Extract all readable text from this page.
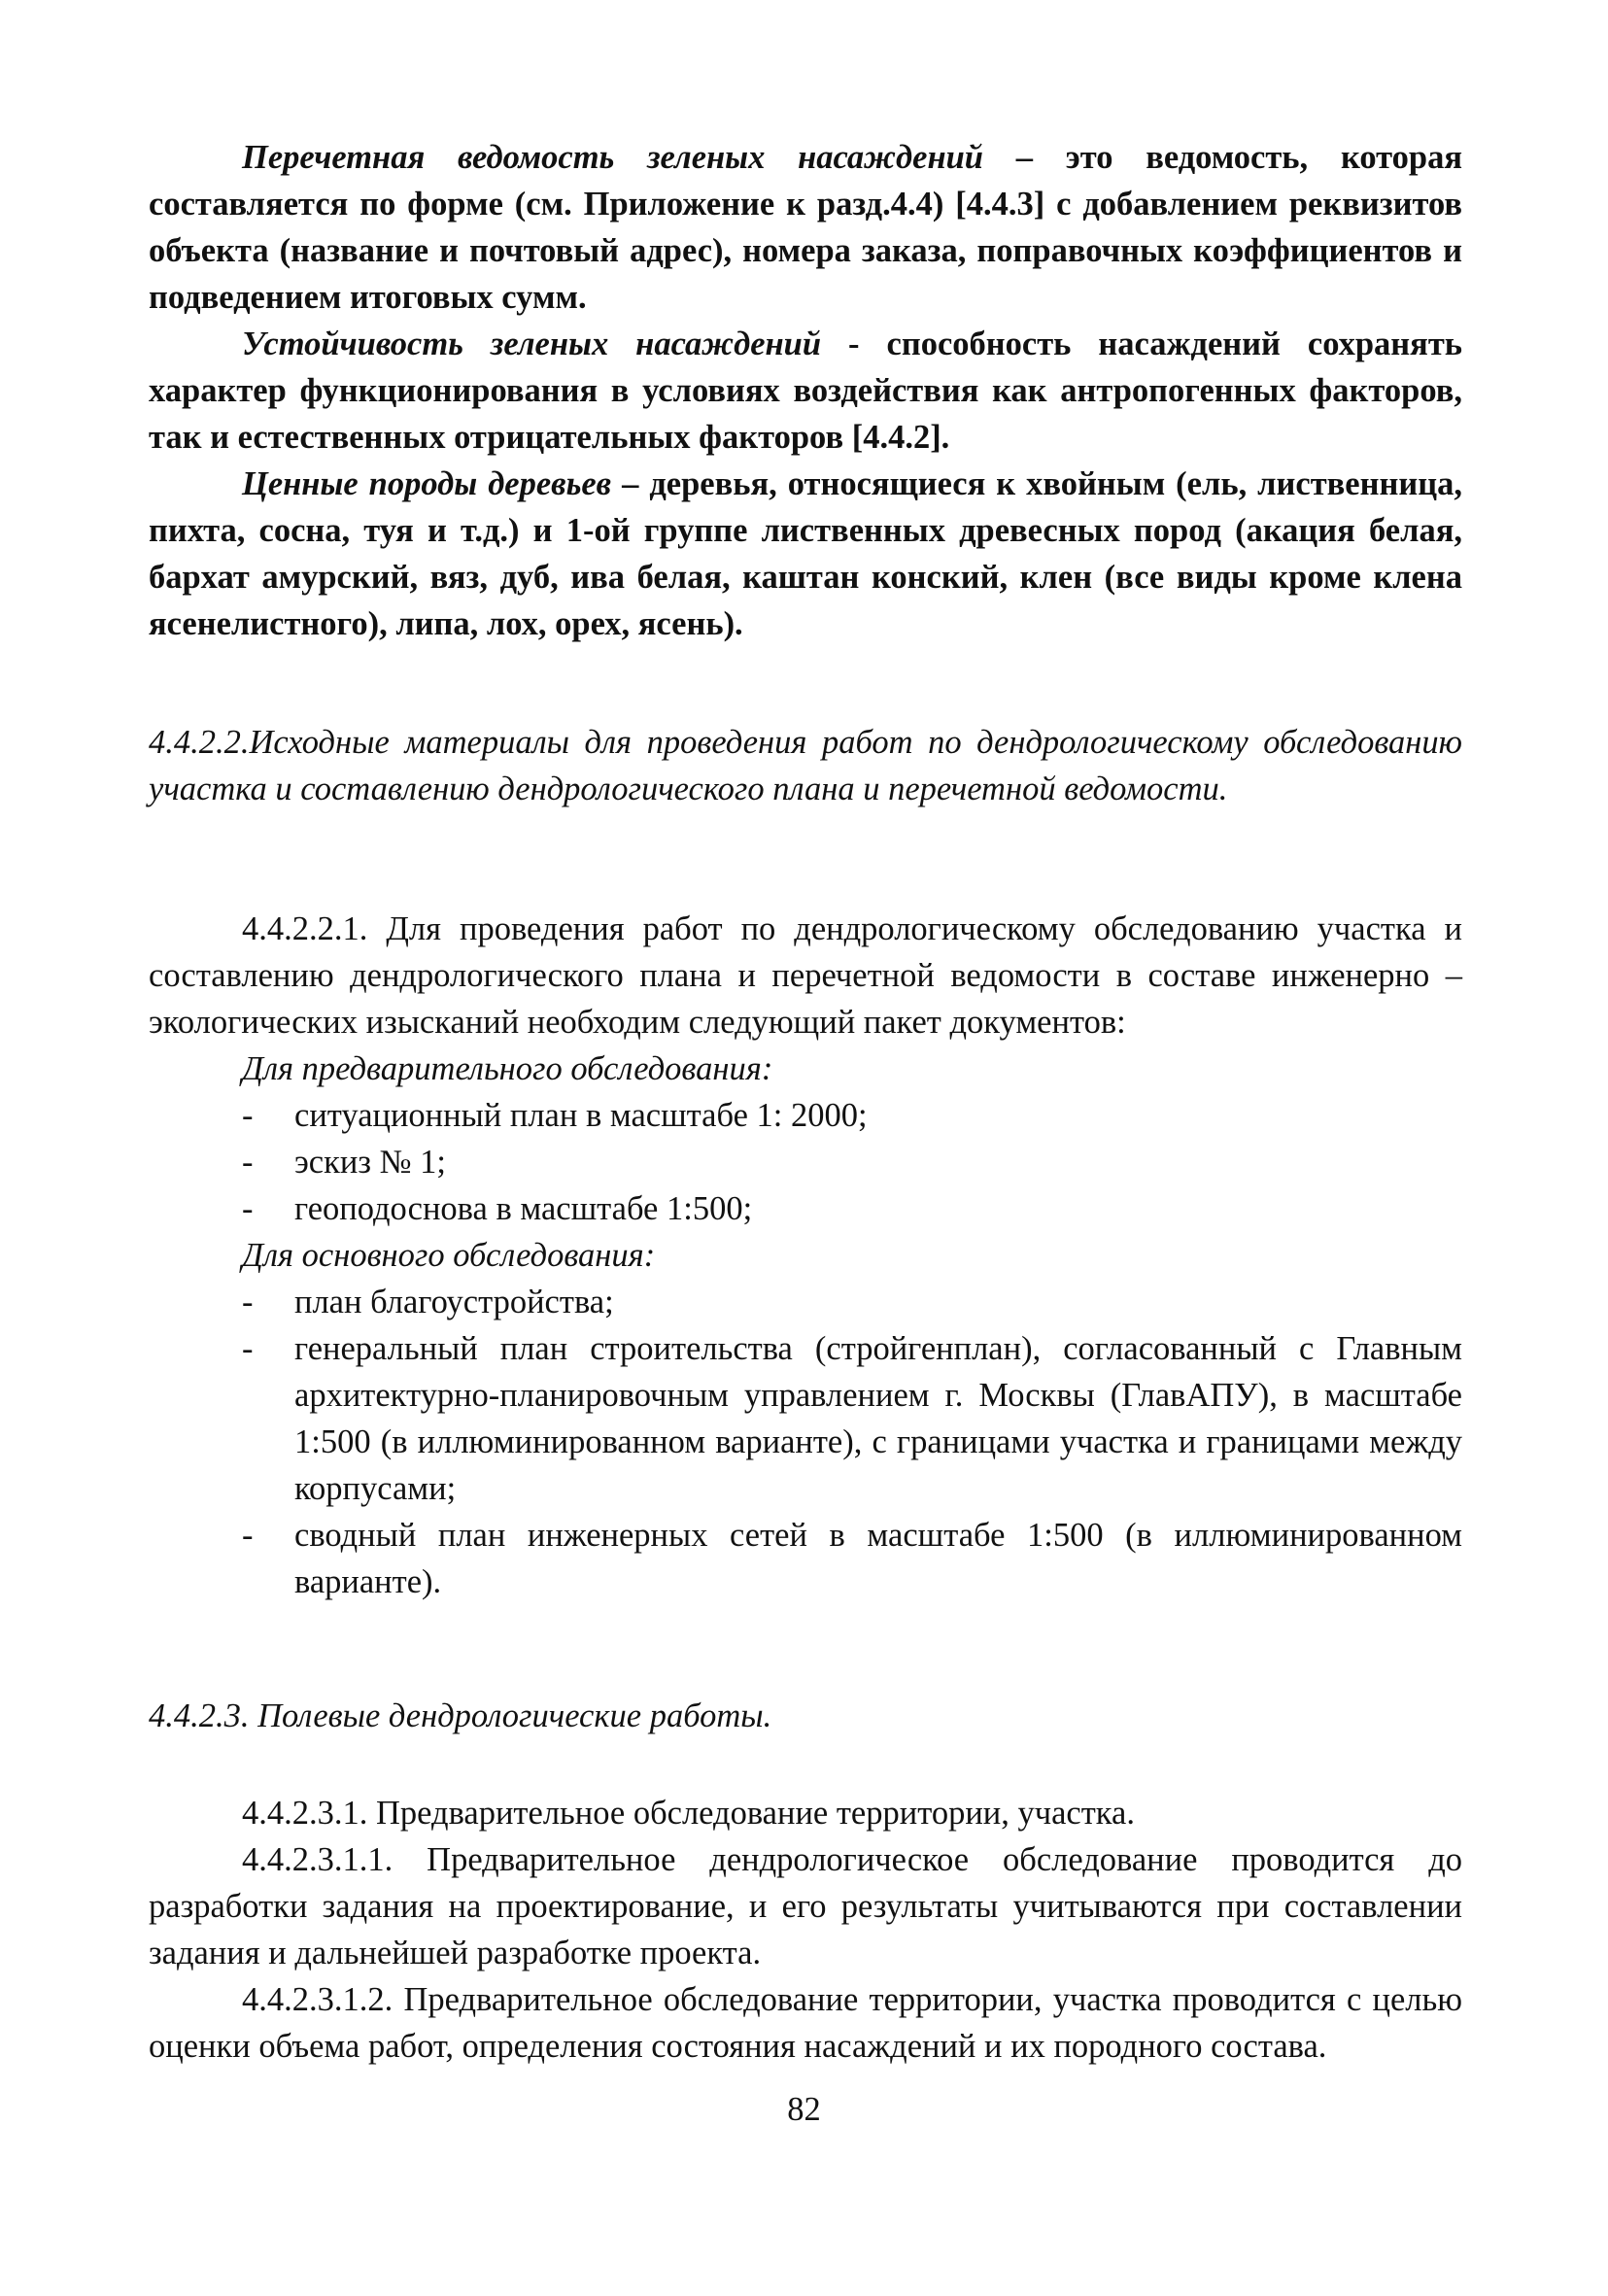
Перечетная ведомость зеленых насаждений – это ведомость, которая составляется по форме (см. Приложение к разд.4.4) [4.4.3] с добавлением реквизитов объекта (название и почтовый адрес), номера заказа, поправочных коэффициентов и подведением итоговых сумм.

Устойчивость зеленых насаждений - способность насаждений сохранять характер функционирования в условиях воздействия как антропогенных факторов, так и естественных отрицательных факторов [4.4.2].

Ценные породы деревьев – деревья, относящиеся к хвойным (ель, лиственница, пихта, сосна, туя и т.д.) и 1-ой группе лиственных древесных пород (акация белая, бархат амурский, вяз, дуб, ива белая, каштан конский, клен (все виды кроме клена ясенелистного), липа, лох, орех, ясень).

4.4.2.2.Исходные материалы для проведения работ по дендрологическому обследованию участка и составлению дендрологического плана и перечетной ведомости.

4.4.2.2.1. Для проведения работ по дендрологическому обследованию участка и составлению дендрологического плана и перечетной ведомости в составе инженерно – экологических изысканий необходим следующий пакет документов:

Для предварительного обследования:

- ситуационный план в масштабе 1: 2000;
- эскиз № 1;
- геоподоснова в масштабе 1:500;

Для основного обследования:

- план благоустройства;
- генеральный план строительства (стройгенплан), согласованный с Главным архитектурно-планировочным управлением г. Москвы (ГлавАПУ), в масштабе 1:500 (в иллюминированном варианте), с границами участка и границами между корпусами;
- сводный план инженерных сетей в масштабе 1:500 (в иллюминированном варианте).

4.4.2.3. Полевые дендрологические работы.

4.4.2.3.1. Предварительное обследование территории, участка.

4.4.2.3.1.1. Предварительное дендрологическое обследование проводится до разработки задания на проектирование, и его результаты учитываются при составлении задания и дальнейшей разработке проекта.

4.4.2.3.1.2. Предварительное обследование территории, участка проводится с целью оценки объема работ, определения состояния насаждений и их породного состава.

82
